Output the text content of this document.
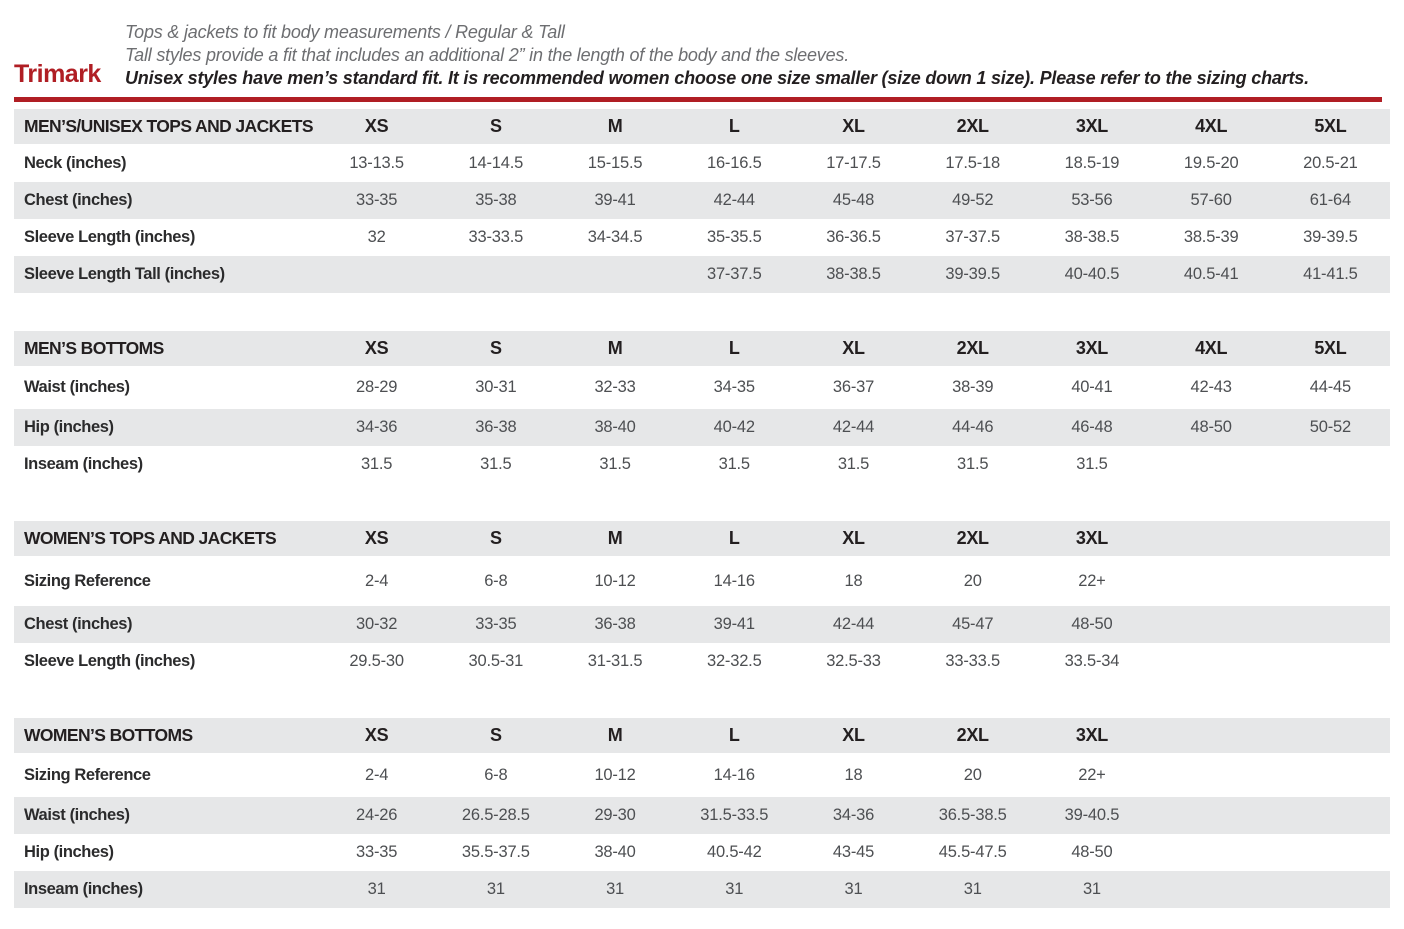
Trimark

Tops & jackets to fit body measurements / Regular & Tall

Tall styles provide a fit that includes an additional 2” in the length of the body and the sleeves.

Unisex styles have men’s standard fit. It is recommended women choose one size smaller (size down 1 size). Please refer to the sizing charts.

MEN’S/UNISEX TOPS AND JACKETS	XS	S	M	L	XL	2XL	3XL	4XL	5XL
Neck (inches)	13-13.5	14-14.5	15-15.5	16-16.5	17-17.5	17.5-18	18.5-19	19.5-20	20.5-21
Chest (inches)	33-35	35-38	39-41	42-44	45-48	49-52	53-56	57-60	61-64
Sleeve Length (inches)	32	33-33.5	34-34.5	35-35.5	36-36.5	37-37.5	38-38.5	38.5-39	39-39.5
Sleeve Length Tall (inches)				37-37.5	38-38.5	39-39.5	40-40.5	40.5-41	41-41.5
MEN’S BOTTOMS	XS	S	M	L	XL	2XL	3XL	4XL	5XL
Waist (inches)	28-29	30-31	32-33	34-35	36-37	38-39	40-41	42-43	44-45
Hip (inches)	34-36	36-38	38-40	40-42	42-44	44-46	46-48	48-50	50-52
Inseam (inches)	31.5	31.5	31.5	31.5	31.5	31.5	31.5		
WOMEN’S TOPS AND JACKETS	XS	S	M	L	XL	2XL	3XL		
Sizing Reference	2-4	6-8	10-12	14-16	18	20	22+		
Chest (inches)	30-32	33-35	36-38	39-41	42-44	45-47	48-50		
Sleeve Length (inches)	29.5-30	30.5-31	31-31.5	32-32.5	32.5-33	33-33.5	33.5-34		
WOMEN’S BOTTOMS	XS	S	M	L	XL	2XL	3XL		
Sizing Reference	2-4	6-8	10-12	14-16	18	20	22+		
Waist (inches)	24-26	26.5-28.5	29-30	31.5-33.5	34-36	36.5-38.5	39-40.5		
Hip (inches)	33-35	35.5-37.5	38-40	40.5-42	43-45	45.5-47.5	48-50		
Inseam (inches)	31	31	31	31	31	31	31		
